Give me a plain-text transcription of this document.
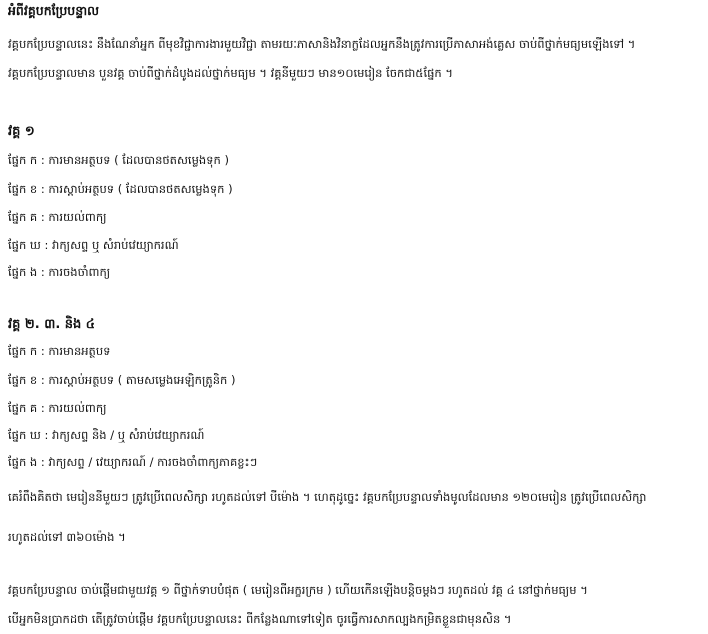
អំពីវគ្គបកប្រែបន្ទាល
វគ្គបកប្រែបន្ទាលនេះ នឹងណែនាំអ្នក ពីមុខវិជ្ជាការងារមួយវិជ្ជា តាមរយៈភាសានិងវិនាក្លដែលអ្នកនឹងត្រូវការប្រើភាសាអង់គ្លេស ចាប់ពីថ្នាក់មធ្យមឡើងទៅ ។
វគ្គបកប្រែបន្ទាលមាន បួនវគ្គ ចាប់ពីថ្នាក់ដំបូងដល់ថ្នាក់មធ្យម ។ វគ្គនីមួយៗ មាន១០មេរៀន ចែកជា៥ផ្នែក ។
វគ្គ ១
ផ្នែក ក : ការមានអត្ថបទ ( ដែលបានថតសម្លេងទុក )
ផ្នែក ខ : ការស្តាប់អត្ថបទ ( ដែលបានថតសម្លេងទុក )
ផ្នែក គ : ការយល់ពាក្យ
ផ្នែក ឃ : វាក្យសព្ទ ឬ សំរាប់វេយ្យាករណ៍
ផ្នែក ង : ការចងចាំពាក្យ
វគ្គ ២. ៣. និង ៤
ផ្នែក ក : ការមានអត្ថបទ
ផ្នែក ខ : ការស្តាប់អត្ថបទ ( តាមសម្លេងអេឡិកត្រូនិក )
ផ្នែក គ : ការយល់ពាក្យ
ផ្នែក ឃ : វាក្យសព្ទ និង / ឬ សំរាប់វេយ្យាករណ៍
ផ្នែក ង : វាក្យសព្ទ / វេយ្យាករណ៍ / ការចងចាំពាក្យភាគខ្លះៗ
គេរំពឹងគិតថា មេរៀននីមួយៗ ត្រូវប្រើពេលសិក្សា រហូតដល់ទៅ បីម៉ោង ។ ហេតុដូច្នេះ វគ្គបកប្រែបន្ទាលទាំងមូលដែលមាន ១២០មេរៀន ត្រូវប្រើពេលសិក្សា
រហូតដល់ទៅ ៣៦០ម៉ោង ។
វគ្គបកប្រែបន្ទាល ចាប់ផ្តើមជាមួយវគ្គ ១ ពីថ្នាក់ទាបបំផុត ( មេរៀនពីអក្ខរក្រម ) ហើយកើនឡើងបន្តិចម្តងៗ រហូតដល់ វគ្គ ៤ នៅថ្នាក់មធ្យម ។
បើអ្នកមិនប្រាកដថា តើត្រូវចាប់ផ្តើម វគ្គបកប្រែបន្ទាលនេះ ពីកន្លែងណាទៅទៀត ចូរធ្វើការសាកល្បងកម្រិតខ្លួនជាមុនសិន ។
